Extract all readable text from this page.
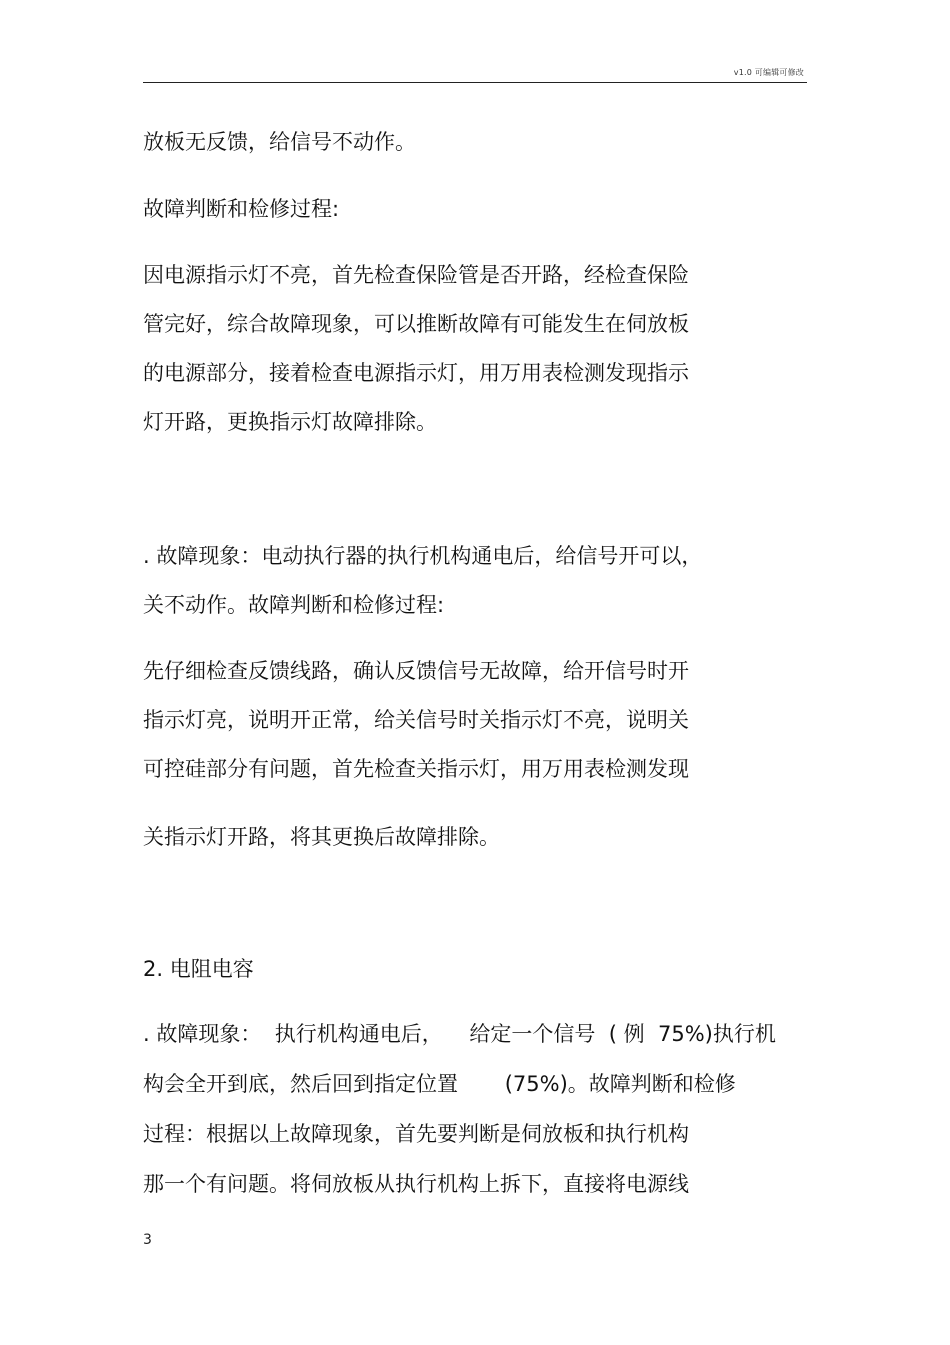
v1.0 可编辑可修改
放板无反馈，给信号不动作。
故障判断和检修过程:
因电源指示灯不亮，首先检查保险管是否开路，经检查保险
管完好，综合故障现象，可以推断故障有可能发生在伺放板
的电源部分，接着检查电源指示灯，用万用表检测发现指示
灯开路，更换指示灯故障排除。
. 故障现象：电动执行器的执行机构通电后，给信号开可以，
关不动作。故障判断和检修过程:
先仔细检查反馈线路，确认反馈信号无故障，给开信号时开
指示灯亮，说明开正常，给关信号时关指示灯不亮，说明关
可控硅部分有问题，首先检查关指示灯，用万用表检测发现
关指示灯开路，将其更换后故障排除。
2. 电阻电容
. 故障现象：  执行机构通电后，    给定一个信号  ( 例  75%)执行机
构会全开到底，然后回到指定位置       (75%)。故障判断和检修
过程：根据以上故障现象，首先要判断是伺放板和执行机构
那一个有问题。将伺放板从执行机构上拆下，直接将电源线
3
